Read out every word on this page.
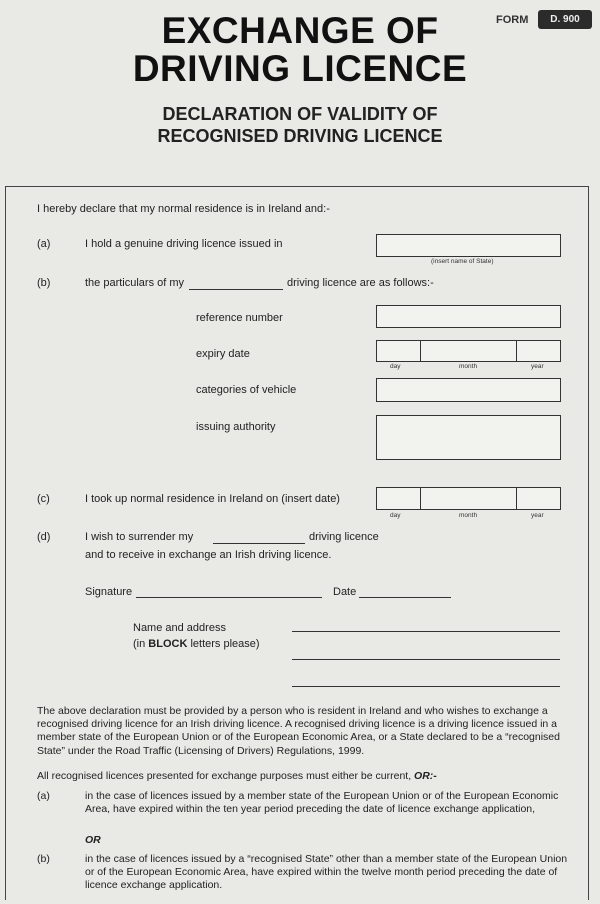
EXCHANGE OF
DRIVING LICENCE
DECLARATION OF VALIDITY OF
RECOGNISED DRIVING LICENCE
FORM	D. 900
I hereby declare that my normal residence is in Ireland and:-
(a)	I hold a genuine driving licence issued in
(insert name of State)
(b)	the particulars of my	driving licence are as follows:-
reference number
expiry date
day	month	year
categories of vehicle
issuing authority
(c)	I took up normal residence in Ireland on (insert date)
day	month	year
(d)	I wish to surrender my	driving licence
and to receive in exchange an Irish driving licence.
Signature	Date
Name and address
(in BLOCK letters please)
The above declaration must be provided by a person who is resident in Ireland and who wishes to exchange a recognised driving licence for an Irish driving licence. A recognised driving licence is a driving licence issued in a member state of the European Union or of the European Economic Area, or a State declared to be a “recognised State” under the Road Traffic (Licensing of Drivers) Regulations, 1999.
All recognised licences presented for exchange purposes must either be current, OR:-
(a)	in the case of licences issued by a member state of the European Union or of the European Economic Area, have expired within the ten year period preceding the date of licence exchange application,
OR
(b)	in the case of licences issued by a “recognised State” other than a member state of the European Union or of the European Economic Area, have expired within the twelve month period preceding the date of licence exchange application.
